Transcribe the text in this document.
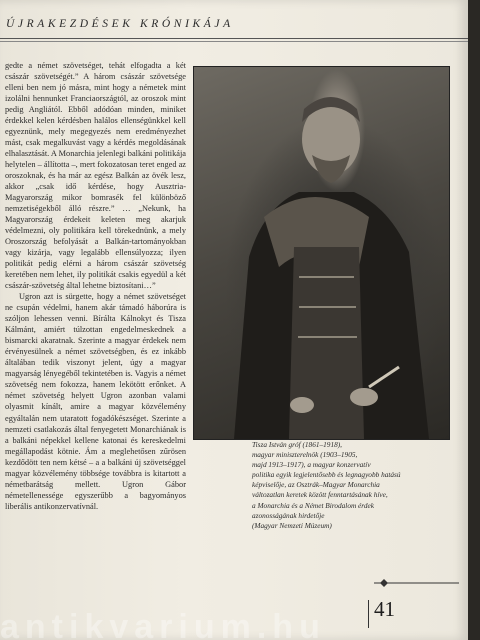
ÚJRAKEZDÉSEK KRÓNIKÁJA

gedte a német szövetséget, tehát elfogadta a két császár szövetségét.” A három császár szövetsége elleni ben nem jó másra, mint hogy a németek mint izolálni hennunket Franciaországtól, az oroszok mint pedig Angliától. Ebből adódóan minden, miniket érdekkel kelen kérdésben halálos ellenségünkkel kell egyeznünk, mely megegyezés nem eredményezhet mást, csak megalkuvást vagy a kérdés megoldásának elhalasztását. A Monarchia jelenlegi balkáni politikája helytelen – állította –, mert fokozatosan teret enged az oroszoknak, és ha már az egész Balkán az övék lesz, akkor „csak idő kérdése, hogy Ausztria-Magyarország mikor bomrasék fel különböző nemzetiségekből álló részre.” … „Nekunk, ha Magyarország érdekeit keleten meg akarjuk védelmezni, oly politikára kell törekednünk, a mely Oroszország befolyását a Balkán-tartományokban vagy kizárja, vagy legalább ellensúlyozza; ilyen politikát pedig elérni a három császár szövetség keretében nem lehet, ily politikát csakis egyedül a két császár-szövetség által lehetne biztosítani…”

Ugron azt is sürgette, hogy a német szövetséget ne csupán védelmi, hanem akár támadó háborúra is szóljon lehessen venni. Bírálta Kálnokyt és Tisza Kálmánt, amiért túlzottan engedelmeskednek a bismarcki akaratnak. Szerinte a magyar érdekek nem érvényesülnek a német szövetségben, és ez inkább általában tedik viszonyt jelent, úgy a magyar magyarság lényegéből tekintetében is. Vagyis a német szövetség nem fokozza, hanem lekötött erőnket. A német szövetség helyett Ugron azonban valami olyasmit kínált, amire a magyar közvélemény egyáltalán nem utaratott fogadókészséget. Szerinte a nemzeti csatlakozás által fenyegetett Monarchiának is a balkáni népekkel kellene katonai és kereskedelmi megállapodást kötnie. Ám a meglehetősen zűrösen kezdődött ten nem kétsé – a a balkáni új szövetséggel magyar közvélemény többsége továbbra is kitartott a németbarátság mellett. Ugron Gábor németellenessége egyszerűbb a bagyományos liberális antikonzervatívnál.

Tisza István gróf (1861–1918),

magyar miniszterelnök (1903–1905,

majd 1913–1917), a magyar konzervatív

politika egyik legjelentősebb és legnagyobb hatású

képviselője, az Osztrák–Magyar Monarchia

változatlan keretek között fenntartásának híve,

a Monarchia és a Német Birodalom érdek

azonosságának hirdetője

(Magyar Nemzeti Múzeum)

41
antikvarium.hu
